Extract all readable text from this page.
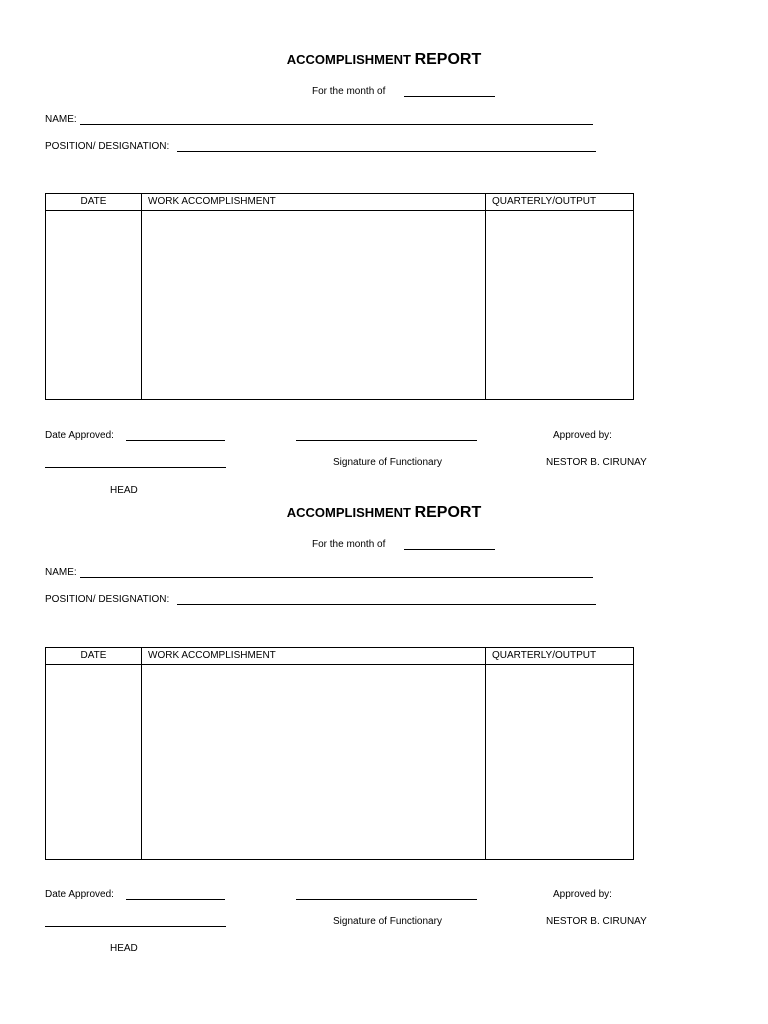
ACCOMPLISHMENT REPORT
For the month of
NAME:
POSITION/ DESIGNATION:
DATE	WORK ACCOMPLISHMENT	QUARTERLY/OUTPUT

Date Approved:	Approved by:
Signature of Functionary	NESTOR B. CIRUNAY
HEAD
ACCOMPLISHMENT REPORT
For the month of
NAME:
POSITION/ DESIGNATION:
DATE	WORK ACCOMPLISHMENT	QUARTERLY/OUTPUT

Date Approved:	Approved by:
Signature of Functionary	NESTOR B. CIRUNAY
HEAD
